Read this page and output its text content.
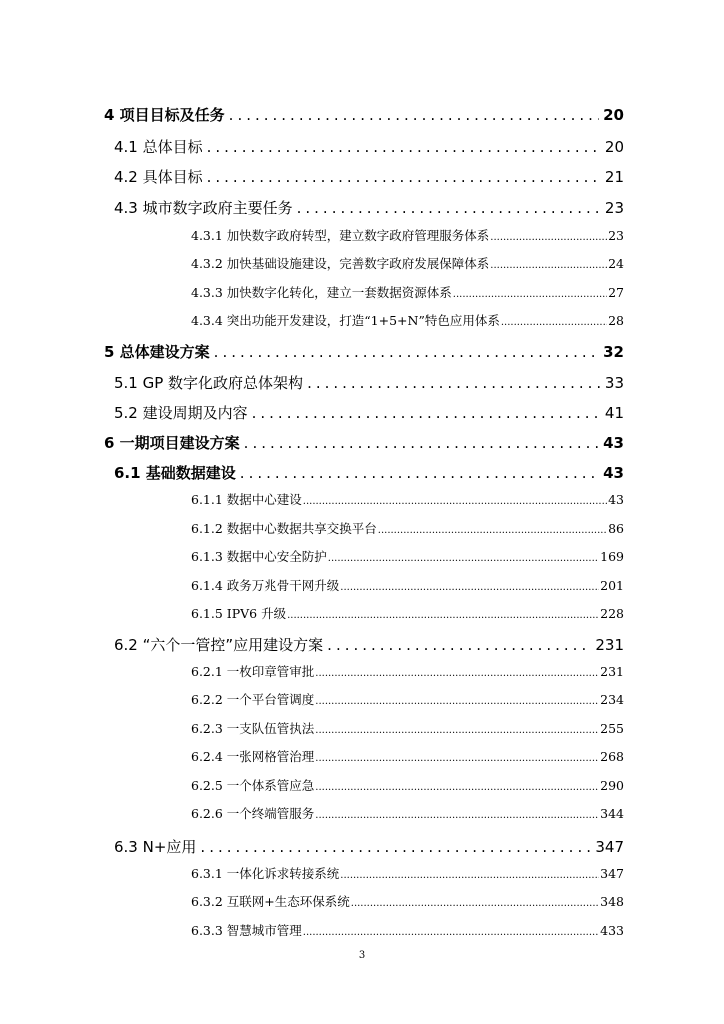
4 项目目标及任务 .....	20
4.1 总体目标 .....	20
4.2 具体目标 .....	21
4.3 城市数字政府主要任务 .....	23
4.3.1 加快数字政府转型，建立数字政府管理服务体系 .....	23
4.3.2 加快基础设施建设，完善数字政府发展保障体系 .....	24
4.3.3 加快数字化转化，建立一套数据资源体系 .....	27
4.3.4 突出功能开发建设，打造“1+5+N”特色应用体系 .....	28
5 总体建设方案 .....	32
5.1 GP 数字化政府总体架构 .....	33
5.2 建设周期及内容 .....	41
6 一期项目建设方案 .....	43
6.1 基础数据建设 .....	43
6.1.1 数据中心建设 .....	43
6.1.2 数据中心数据共享交换平台 .....	86
6.1.3 数据中心安全防护 .....	169
6.1.4 政务万兆骨干网升级 .....	201
6.1.5 IPV6 升级 .....	228
6.2 “六个一管控”应用建设方案 .....	231
6.2.1 一枚印章管审批 .....	231
6.2.2 一个平台管调度 .....	234
6.2.3 一支队伍管执法 .....	255
6.2.4 一张网格管治理 .....	268
6.2.5 一个体系管应急 .....	290
6.2.6 一个终端管服务 .....	344
6.3 N+应用 .....	347
6.3.1 一体化诉求转接系统 .....	347
6.3.2 互联网+生态环保系统 .....	348
6.3.3 智慧城市管理 .....	433
3
